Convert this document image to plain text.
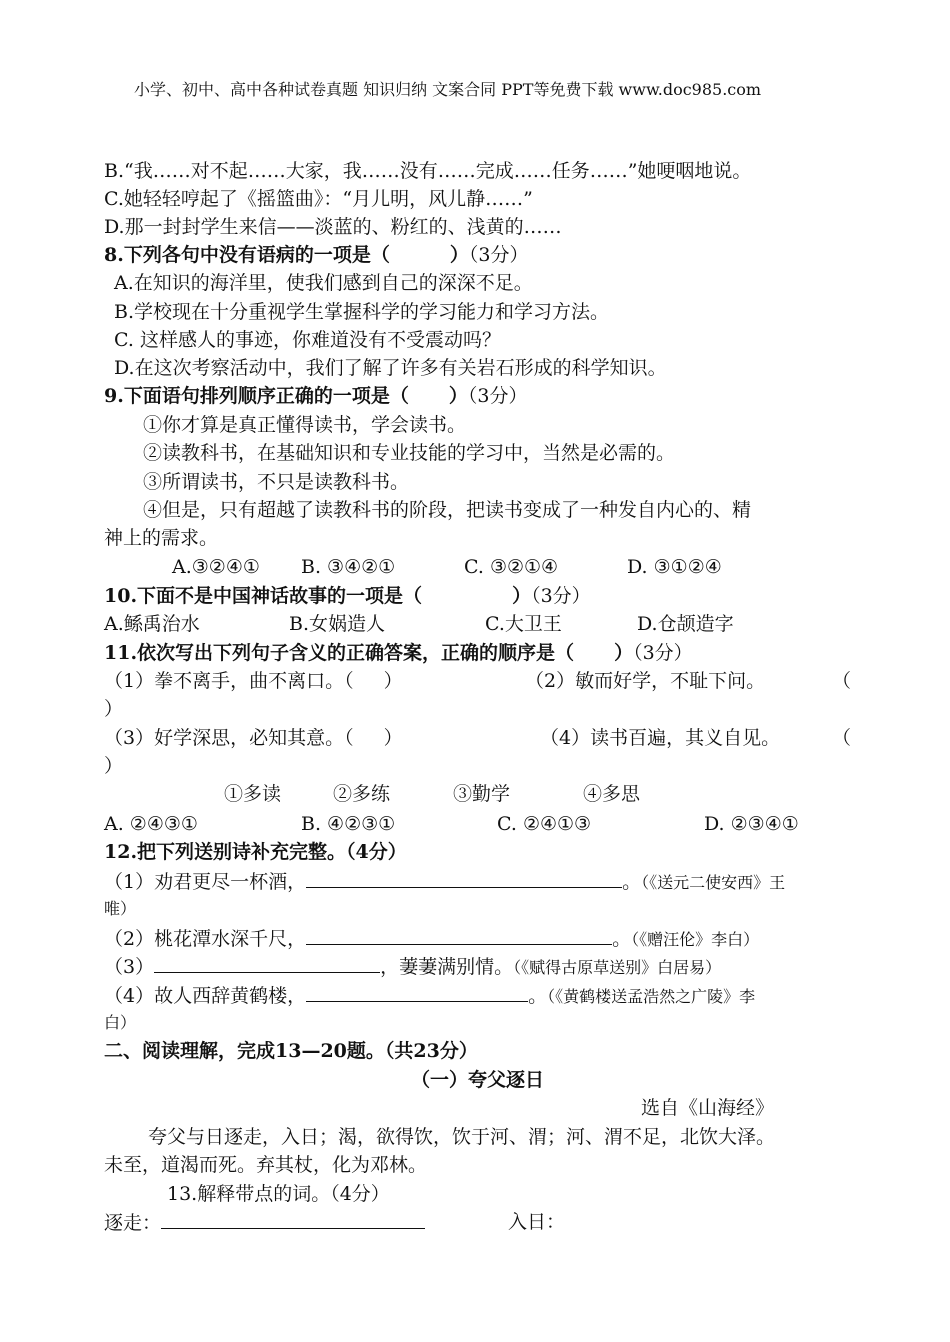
小学、初中、高中各种试卷真题 知识归纳 文案合同 PPT等免费下载 www.doc985.com
B.“我……对不起……大家，我……没有……完成……任务……”她哽咽地说。
C.她轻轻哼起了《摇篮曲》：“月儿明，风儿静……”
D.那一封封学生来信——淡蓝的、粉红的、浅黄的……
8.下列各句中没有语病的一项是（	）（3分）
A.在知识的海洋里，使我们感到自己的深深不足。
B.学校现在十分重视学生掌握科学的学习能力和学习方法。
C. 这样感人的事迹，你难道没有不受震动吗？
D.在这次考察活动中，我们了解了许多有关岩石形成的科学知识。
9.下面语句排列顺序正确的一项是（ ）（3分）
①你才算是真正懂得读书，学会读书。
②读教科书，在基础知识和专业技能的学习中，当然是必需的。
③所谓读书，不只是读教科书。
④但是，只有超越了读教科书的阶段，把读书变成了一种发自内心的、精
神上的需求。
A.③②④① B. ③④②①	C. ③②①④	D. ③①②④
10.下面不是中国神话故事的一项是（	）（3分）
A.鲧禹治水	B.女娲造人	C.大卫王	D.仓颉造字
11.依次写出下列句子含义的正确答案，正确的顺序是（ ）（3分）
（1）拳不离手，曲不离口。（ ）	（2）敏而好学，不耻下问。	（
）
（3）好学深思，必知其意。（ ）	（4）读书百遍，其义自见。	（
）
①多读	②多练	③勤学	④多思
A. ②④③①	B. ④②③①	C. ②④①③	D. ②③④①
12.把下列送别诗补充完整。（4分）
（1）劝君更尽一杯酒，	。（《送元二使安西》王
唯）
（2）桃花潭水深千尺，	。（《赠汪伦》李白）
（3）	，萋萋满别情。（《赋得古原草送别》白居易）
（4）故人西辞黄鹤楼，	。（《黄鹤楼送孟浩然之广陵》李
白）
二、阅读理解，完成13—20题。（共23分）
（一）夸父逐日
选自《山海经》
夸父与日逐走，入日；渴，欲得饮，饮于河、渭；河、渭不足，北饮大泽。
未至，道渴而死。弃其杖，化为邓林。
13.解释带点的词。（4分）
逐走：	入日：
